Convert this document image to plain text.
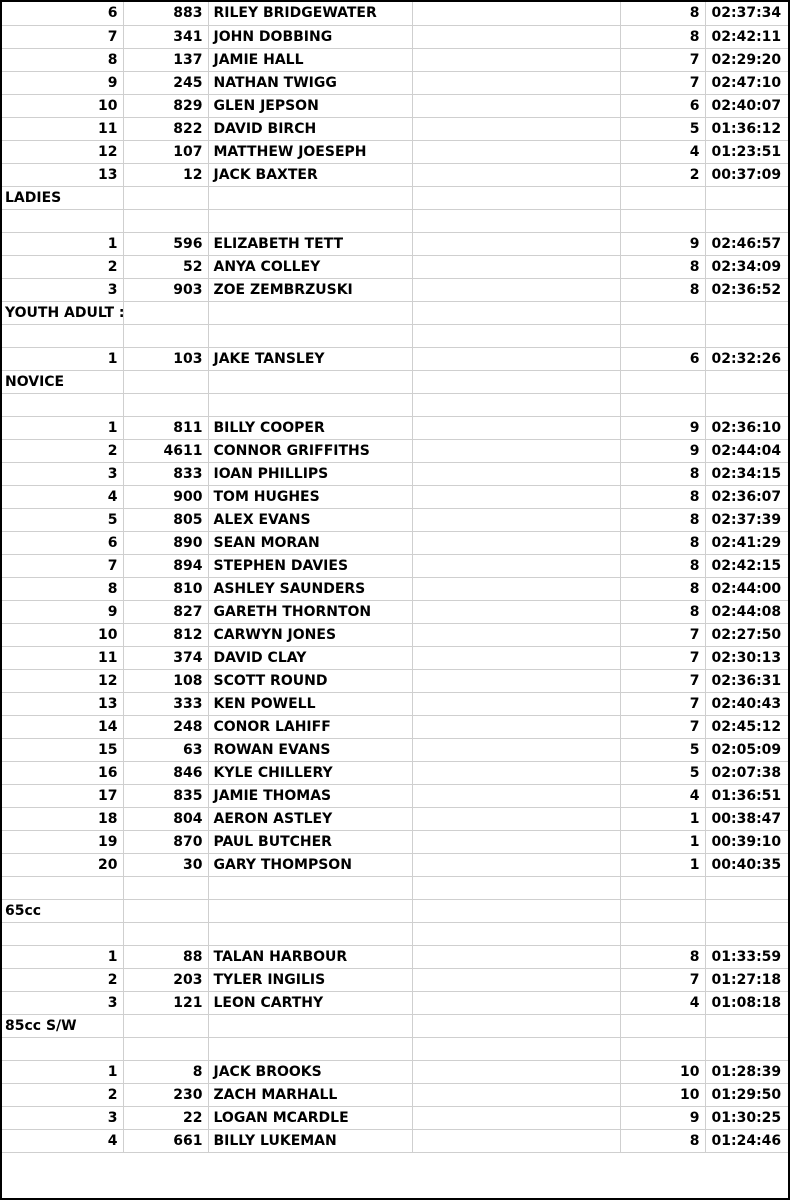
6	883	RILEY BRIDGEWATER		8	02:37:34
7	341	JOHN DOBBING		8	02:42:11
8	137	JAMIE HALL		7	02:29:20
9	245	NATHAN TWIGG		7	02:47:10
10	829	GLEN JEPSON		6	02:40:07
11	822	DAVID BIRCH		5	01:36:12
12	107	MATTHEW JOESEPH		4	01:23:51
13	12	JACK BAXTER		2	00:37:09
LADIES					

1	596	ELIZABETH TETT		9	02:46:57
2	52	ANYA COLLEY		8	02:34:09
3	903	ZOE ZEMBRZUSKI		8	02:36:52
YOUTH ADULT :					

1	103	JAKE TANSLEY		6	02:32:26
NOVICE					

1	811	BILLY COOPER		9	02:36:10
2	4611	CONNOR GRIFFITHS		9	02:44:04
3	833	IOAN PHILLIPS		8	02:34:15
4	900	TOM HUGHES		8	02:36:07
5	805	ALEX EVANS		8	02:37:39
6	890	SEAN MORAN		8	02:41:29
7	894	STEPHEN DAVIES		8	02:42:15
8	810	ASHLEY SAUNDERS		8	02:44:00
9	827	GARETH THORNTON		8	02:44:08
10	812	CARWYN JONES		7	02:27:50
11	374	DAVID CLAY		7	02:30:13
12	108	SCOTT ROUND		7	02:36:31
13	333	KEN POWELL		7	02:40:43
14	248	CONOR LAHIFF		7	02:45:12
15	63	ROWAN EVANS		5	02:05:09
16	846	KYLE CHILLERY		5	02:07:38
17	835	JAMIE THOMAS		4	01:36:51
18	804	AERON ASTLEY		1	00:38:47
19	870	PAUL BUTCHER		1	00:39:10
20	30	GARY THOMPSON		1	00:40:35

65cc					

1	88	TALAN HARBOUR		8	01:33:59
2	203	TYLER INGILIS		7	01:27:18
3	121	LEON CARTHY		4	01:08:18
85cc S/W					

1	8	JACK BROOKS		10	01:28:39
2	230	ZACH MARHALL		10	01:29:50
3	22	LOGAN MCARDLE		9	01:30:25
4	661	BILLY LUKEMAN		8	01:24:46
